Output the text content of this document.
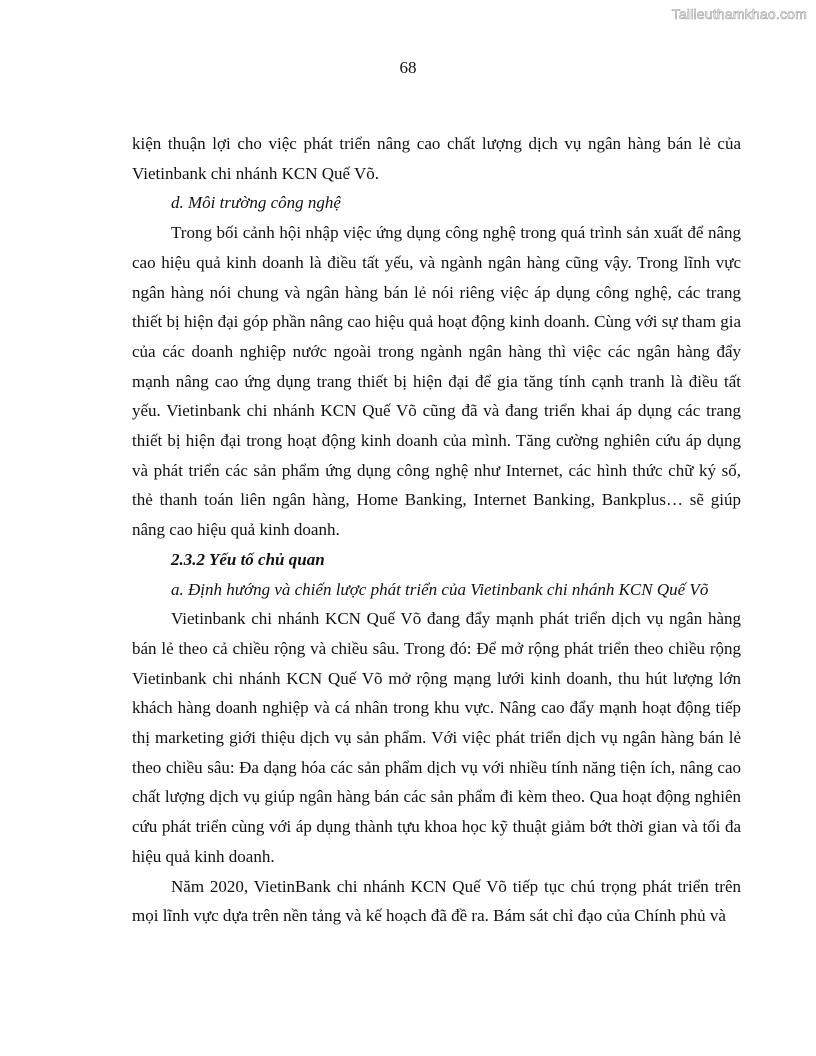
Tailieuthamkhao.com
68

kiện thuận lợi cho việc phát triển nâng cao chất lượng dịch vụ ngân hàng bán lẻ của Vietinbank chi nhánh KCN Quế Võ.

d. Môi trường công nghệ

Trong bối cảnh hội nhập việc ứng dụng công nghệ trong quá trình sản xuất để nâng cao hiệu quả kinh doanh là điều tất yếu, và ngành ngân hàng cũng vậy. Trong lĩnh vực ngân hàng nói chung và ngân hàng bán lẻ nói riêng việc áp dụng công nghệ, các trang thiết bị hiện đại góp phần nâng cao hiệu quả hoạt động kinh doanh. Cùng với sự tham gia của các doanh nghiệp nước ngoài trong ngành ngân hàng thì việc các ngân hàng đẩy mạnh nâng cao ứng dụng trang thiết bị hiện đại để gia tăng tính cạnh tranh là điều tất yếu. Vietinbank chi nhánh KCN Quế Võ cũng đã và đang triển khai áp dụng các trang thiết bị hiện đại trong hoạt động kinh doanh của mình. Tăng cường nghiên cứu áp dụng và phát triển các sản phẩm ứng dụng công nghệ như Internet, các hình thức chữ ký số, thẻ thanh toán liên ngân hàng, Home Banking, Internet Banking, Bankplus… sẽ giúp nâng cao hiệu quả kinh doanh.

2.3.2 Yếu tố chủ quan

a. Định hướng và chiến lược phát triển của Vietinbank chi nhánh KCN Quế Võ

Vietinbank chi nhánh KCN Quế Võ đang đẩy mạnh phát triển dịch vụ ngân hàng bán lẻ theo cả chiều rộng và chiều sâu. Trong đó: Để mở rộng phát triển theo chiều rộng Vietinbank chi nhánh KCN Quế Võ mở rộng mạng lưới kinh doanh, thu hút lượng lớn khách hàng doanh nghiệp và cá nhân trong khu vực. Nâng cao đẩy mạnh hoạt động tiếp thị marketing giới thiệu dịch vụ sản phẩm. Với việc phát triển dịch vụ ngân hàng bán lẻ theo chiều sâu: Đa dạng hóa các sản phẩm dịch vụ với nhiều tính năng tiện ích, nâng cao chất lượng dịch vụ giúp ngân hàng bán các sản phẩm đi kèm theo. Qua hoạt động nghiên cứu phát triển cùng với áp dụng thành tựu khoa học kỹ thuật giảm bớt thời gian và tối đa hiệu quả kinh doanh.

Năm 2020, VietinBank chi nhánh KCN Quế Võ tiếp tục chú trọng phát triển trên mọi lĩnh vực dựa trên nền tảng và kế hoạch đã đề ra. Bám sát chỉ đạo của Chính phủ và
